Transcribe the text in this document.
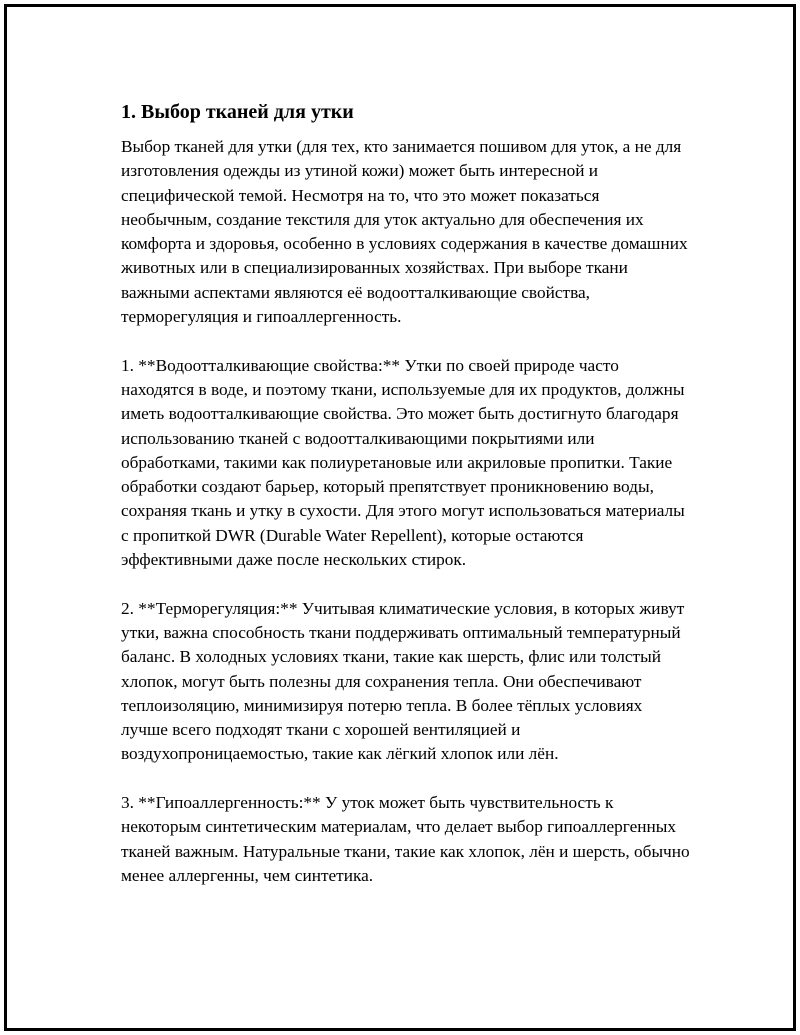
1. Выбор тканей для утки

Выбор тканей для утки (для тех, кто занимается пошивом для уток, а не для изготовления одежды из утиной кожи) может быть интересной и специфической темой. Несмотря на то, что это может показаться необычным, создание текстиля для уток актуально для обеспечения их комфорта и здоровья, особенно в условиях содержания в качестве домашних животных или в специализированных хозяйствах. При выборе ткани важными аспектами являются её водоотталкивающие свойства, терморегуляция и гипоаллергенность.

1. **Водоотталкивающие свойства:** Утки по своей природе часто находятся в воде, и поэтому ткани, используемые для их продуктов, должны иметь водоотталкивающие свойства. Это может быть достигнуто благодаря использованию тканей с водоотталкивающими покрытиями или обработками, такими как полиуретановые или акриловые пропитки. Такие обработки создают барьер, который препятствует проникновению воды, сохраняя ткань и утку в сухости. Для этого могут использоваться материалы с пропиткой DWR (Durable Water Repellent), которые остаются эффективными даже после нескольких стирок.

2. **Терморегуляция:** Учитывая климатические условия, в которых живут утки, важна способность ткани поддерживать оптимальный температурный баланс. В холодных условиях ткани, такие как шерсть, флис или толстый хлопок, могут быть полезны для сохранения тепла. Они обеспечивают теплоизоляцию, минимизируя потерю тепла. В более тёплых условиях лучше всего подходят ткани с хорошей вентиляцией и воздухопроницаемостью, такие как лёгкий хлопок или лён.

3. **Гипоаллергенность:** У уток может быть чувствительность к некоторым синтетическим материалам, что делает выбор гипоаллергенных тканей важным. Натуральные ткани, такие как хлопок, лён и шерсть, обычно менее аллергенны, чем синтетика.
